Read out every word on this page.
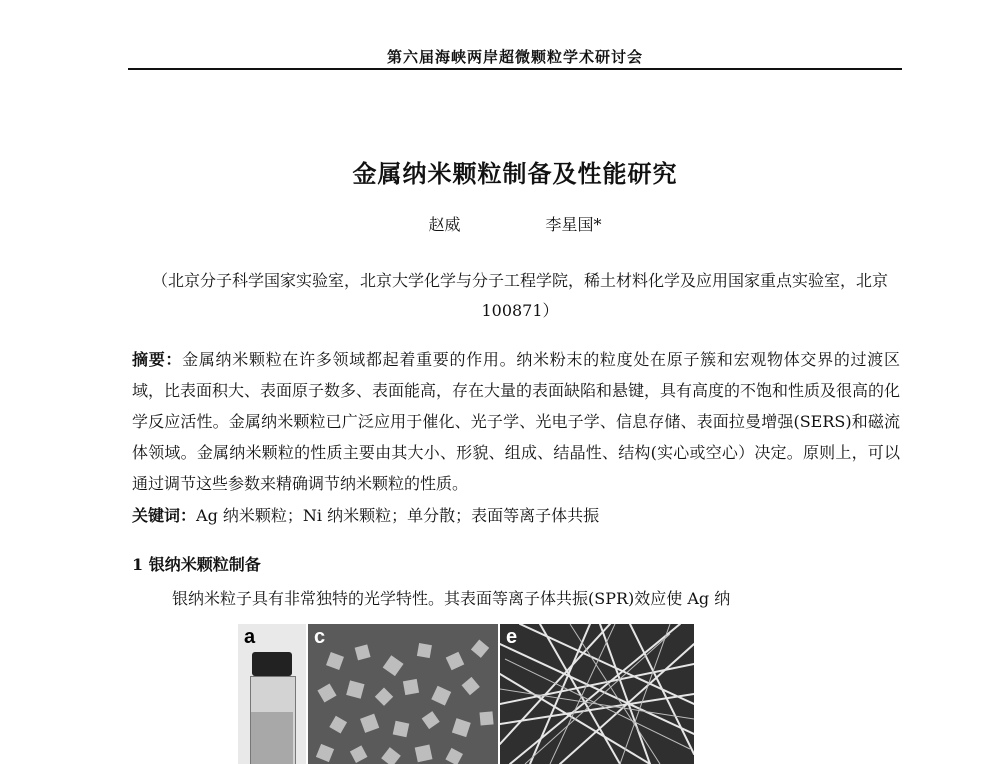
第六届海峡两岸超微颗粒学术研讨会
金属纳米颗粒制备及性能研究
赵威	李星国*
（北京分子科学国家实验室，北京大学化学与分子工程学院，稀土材料化学及应用国家重点实验室，北京 100871）
摘要：金属纳米颗粒在许多领域都起着重要的作用。纳米粉末的粒度处在原子簇和宏观物体交界的过渡区域，比表面积大、表面原子数多、表面能高，存在大量的表面缺陷和悬键，具有高度的不饱和性质及很高的化学反应活性。金属纳米颗粒已广泛应用于催化、光子学、光电子学、信息存储、表面拉曼增强(SERS)和磁流体领域。金属纳米颗粒的性质主要由其大小、形貌、组成、结晶性、结构(实心或空心）决定。原则上，可以通过调节这些参数来精确调节纳米颗粒的性质。
关键词：Ag 纳米颗粒；Ni 纳米颗粒；单分散；表面等离子体共振
1 银纳米颗粒制备
银纳米粒子具有非常独特的光学特性。其表面等离子体共振(SPR)效应使 Ag 纳
a	c	e
